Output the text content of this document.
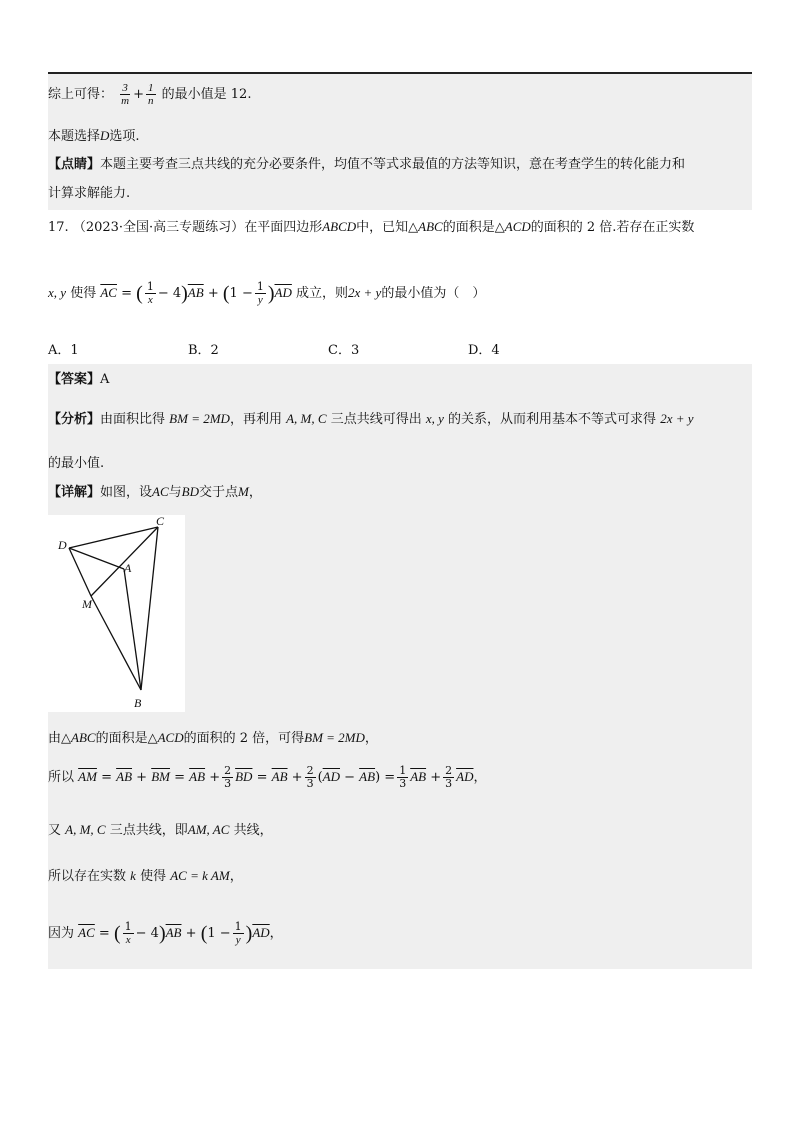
综上可得： $\frac{3}{m} + \frac{1}{n}$ 的最小值是 12.
本题选择D选项.
【点睛】本题主要考查三点共线的充分必要条件，均值不等式求最值的方法等知识，意在考查学生的转化能力和
计算求解能力.
17. （2023·全国·高三专题练习）在平面四边形ABCD中，已知△ABC的面积是△ACD的面积的 2 倍.若存在正实数
x, y 使得 $\overline{AC}$ = ( $\frac{1}{x} - 4)\overline{AB} + (1 - \frac{1}{y} )\overline{AD}$ 成立，则2x + y的最小值为（　）
A．1	B．2	C．3	D．4
【答案】A
【分析】由面积比得 BM = 2MD，再利用 A, M, C 三点共线可得出 x, y 的关系，从而利用基本不等式可求得 2x + y
的最小值.
【详解】如图，设AC与BD交于点M，
C
D
A
M
B
由△ABC的面积是△ACD的面积的 2 倍，可得BM = 2MD，
所以 $\overline{AM} = \overline{AB} + \overline{BM} = \overline{AB} + \frac{2}{3} \overline{BD} = \overline{AB} + \frac{2}{3} (\overline{AD} - \overline{AB}) = \frac{1}{3} \overline{AB} + \frac{2}{3} \overline{AD}$，
又 A, M, C 三点共线，即AM, AC 共线，
所以存在实数 k 使得 AC = k AM，
因为 $\overline{AC}$ = ( $\frac{1}{x} - 4)\overline{AB} + (1 - \frac{1}{y} )\overline{AD}$，
